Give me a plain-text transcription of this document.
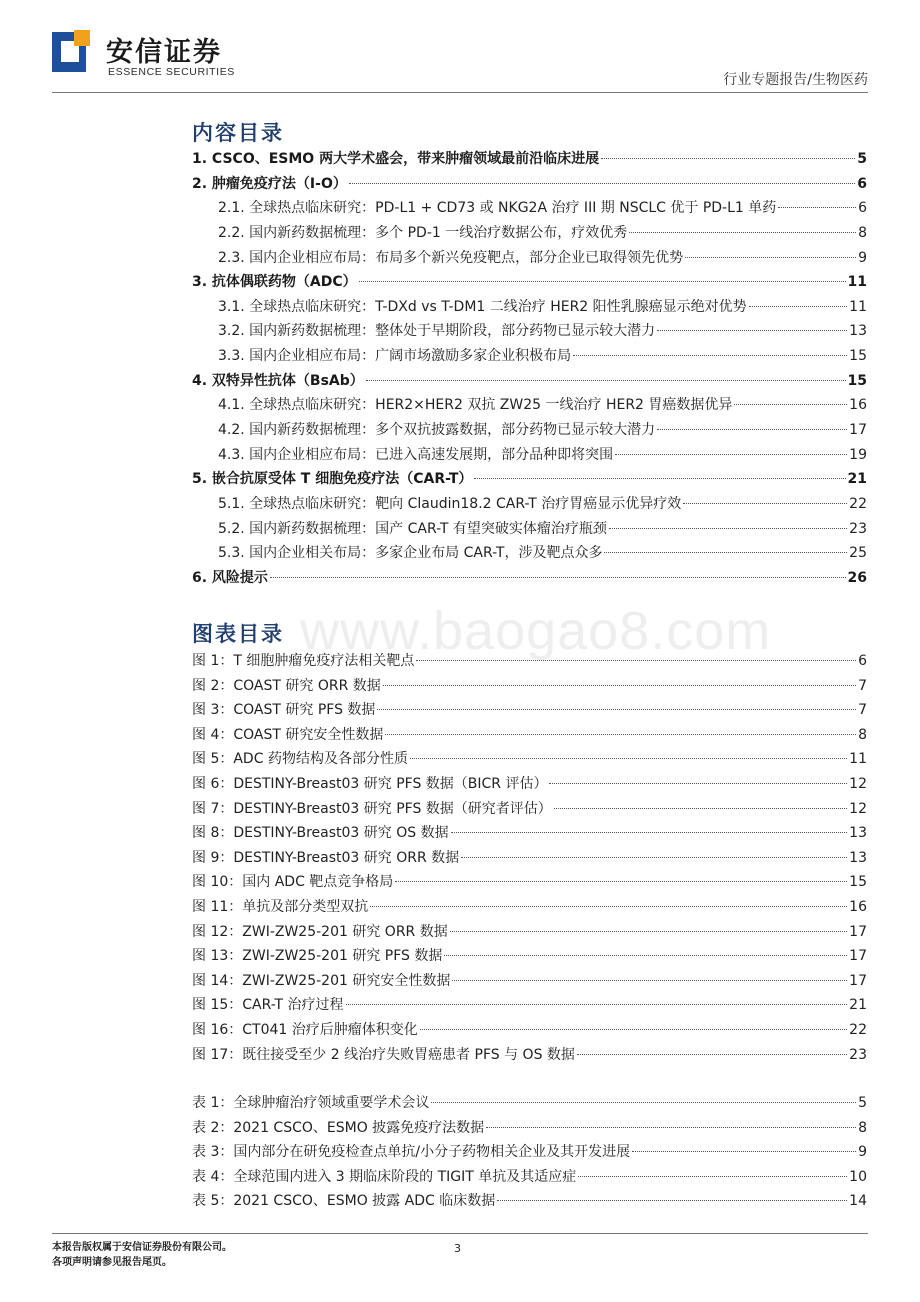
安信证券
ESSENCE SECURITIES	行业专题报告/生物医药
www.baogao8.com
内容目录
1. CSCO、ESMO 两大学术盛会，带来肿瘤领域最前沿临床进展	5
2. 肿瘤免疫疗法（I-O）	6
2.1. 全球热点临床研究：PD-L1 + CD73 或 NKG2A 治疗 III 期 NSCLC 优于 PD-L1 单药	6
2.2. 国内新药数据梳理：多个 PD-1 一线治疗数据公布，疗效优秀	8
2.3. 国内企业相应布局：布局多个新兴免疫靶点，部分企业已取得领先优势	9
3. 抗体偶联药物（ADC）	11
3.1. 全球热点临床研究：T-DXd vs T-DM1 二线治疗 HER2 阳性乳腺癌显示绝对优势	11
3.2. 国内新药数据梳理：整体处于早期阶段，部分药物已显示较大潜力	13
3.3. 国内企业相应布局：广阔市场激励多家企业积极布局	15
4. 双特异性抗体（BsAb）	15
4.1. 全球热点临床研究：HER2×HER2 双抗 ZW25 一线治疗 HER2 胃癌数据优异	16
4.2. 国内新药数据梳理：多个双抗披露数据，部分药物已显示较大潜力	17
4.3. 国内企业相应布局：已进入高速发展期，部分品种即将突围	19
5. 嵌合抗原受体 T 细胞免疫疗法（CAR-T）	21
5.1. 全球热点临床研究：靶向 Claudin18.2 CAR-T 治疗胃癌显示优异疗效	22
5.2. 国内新药数据梳理：国产 CAR-T 有望突破实体瘤治疗瓶颈	23
5.3. 国内企业相关布局：多家企业布局 CAR-T，涉及靶点众多	25
6. 风险提示	26
图表目录
图 1：T 细胞肿瘤免疫疗法相关靶点	6
图 2：COAST 研究 ORR 数据	7
图 3：COAST 研究 PFS 数据	7
图 4：COAST 研究安全性数据	8
图 5：ADC 药物结构及各部分性质	11
图 6：DESTINY-Breast03 研究 PFS 数据（BICR 评估）	12
图 7：DESTINY-Breast03 研究 PFS 数据（研究者评估）	12
图 8：DESTINY-Breast03 研究 OS 数据	13
图 9：DESTINY-Breast03 研究 ORR 数据	13
图 10：国内 ADC 靶点竞争格局	15
图 11：单抗及部分类型双抗	16
图 12：ZWI-ZW25-201 研究 ORR 数据	17
图 13：ZWI-ZW25-201 研究 PFS 数据	17
图 14：ZWI-ZW25-201 研究安全性数据	17
图 15：CAR-T 治疗过程	21
图 16：CT041 治疗后肿瘤体积变化	22
图 17：既往接受至少 2 线治疗失败胃癌患者 PFS 与 OS 数据	23
表 1：全球肿瘤治疗领域重要学术会议	5
表 2：2021 CSCO、ESMO 披露免疫疗法数据	8
表 3：国内部分在研免疫检查点单抗/小分子药物相关企业及其开发进展	9
表 4：全球范围内进入 3 期临床阶段的 TIGIT 单抗及其适应症	10
表 5：2021 CSCO、ESMO 披露 ADC 临床数据	14
本报告版权属于安信证券股份有限公司。
各项声明请参见报告尾页。
3
